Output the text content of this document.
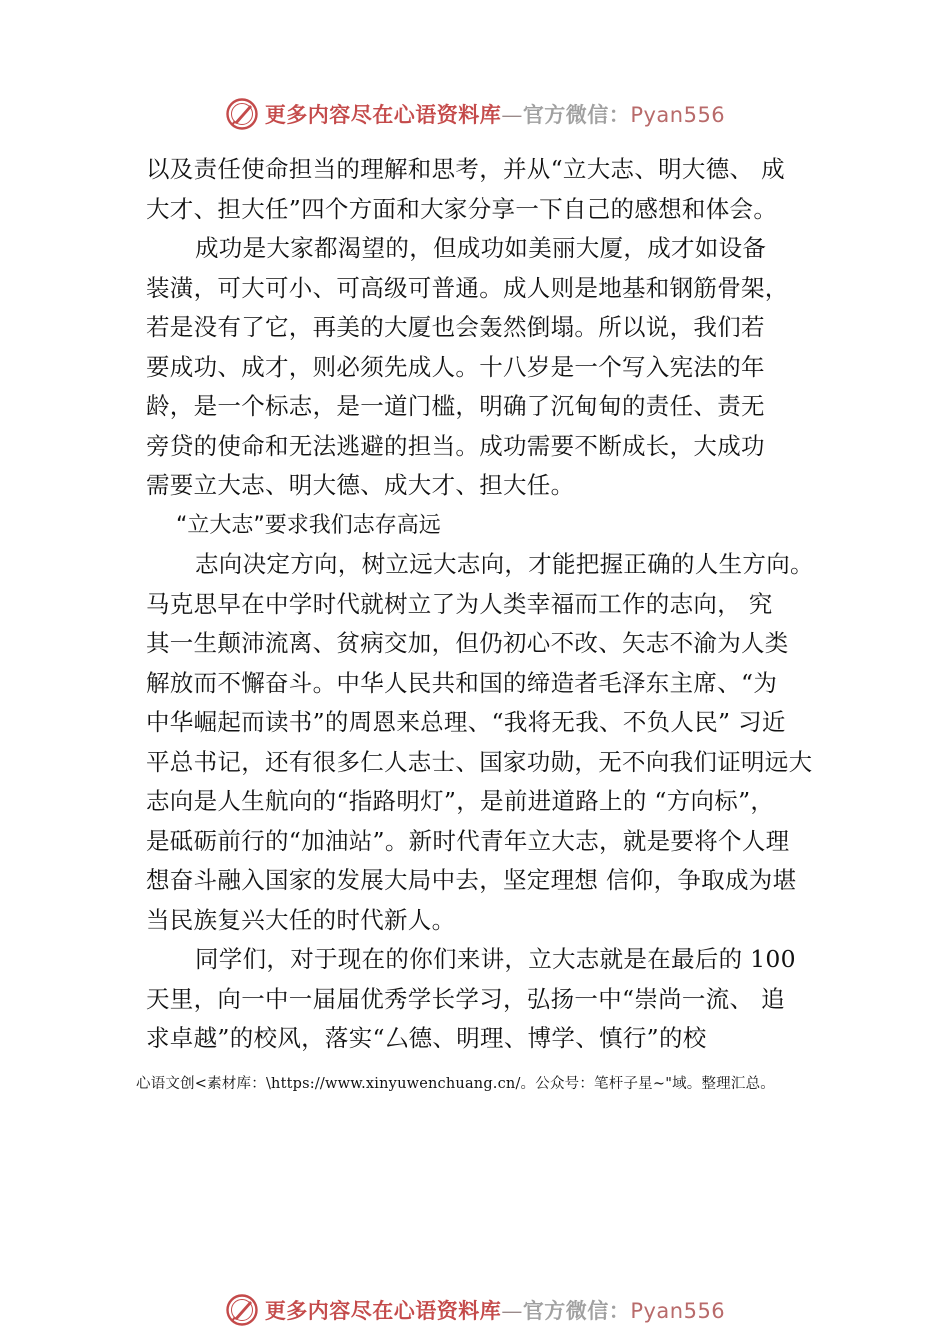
更多内容尽在心语资料库—官方微信：Pyan556
以及责任使命担当的理解和思考，并从“立大志、明大德、 成
大才、担大任”四个方面和大家分享一下自己的感想和体会。
成功是大家都渴望的，但成功如美丽大厦，成才如设备
装潢，可大可小、可高级可普通。成人则是地基和钢筋骨架，
若是没有了它，再美的大厦也会轰然倒塌。所以说，我们若
要成功、成才，则必须先成人。十八岁是一个写入宪法的年
龄，是一个标志，是一道门槛，明确了沉甸甸的责任、责无
旁贷的使命和无法逃避的担当。成功需要不断成长，大成功
需要立大志、明大德、成大才、担大任。
“立大志”要求我们志存高远
志向决定方向，树立远大志向，才能把握正确的人生方向。
马克思早在中学时代就树立了为人类幸福而工作的志向， 究
其一生颠沛流离、贫病交加，但仍初心不改、矢志不渝为人类
解放而不懈奋斗。中华人民共和国的缔造者毛泽东主席、“为
中华崛起而读书”的周恩来总理、“我将无我、不负人民” 习近
平总书记，还有很多仁人志士、国家功勋，无不向我们证明远大
志向是人生航向的“指路明灯”，是前进道路上的 “方向标”，
是砥砺前行的“加油站”。新时代青年立大志，就是要将个人理
想奋斗融入国家的发展大局中去，坚定理想 信仰，争取成为堪
当民族复兴大任的时代新人。
同学们，对于现在的你们来讲，立大志就是在最后的 100
天里，向一中一届届优秀学长学习，弘扬一中“崇尚一流、 追
求卓越”的校风，落实“厶德、明理、博学、慎行”的校
心语文创<素材库：\https://www.xinyuwenchuang.cn/。公众号：笔杆子星~"域。整理汇总。
更多内容尽在心语资料库—官方微信：Pyan556
